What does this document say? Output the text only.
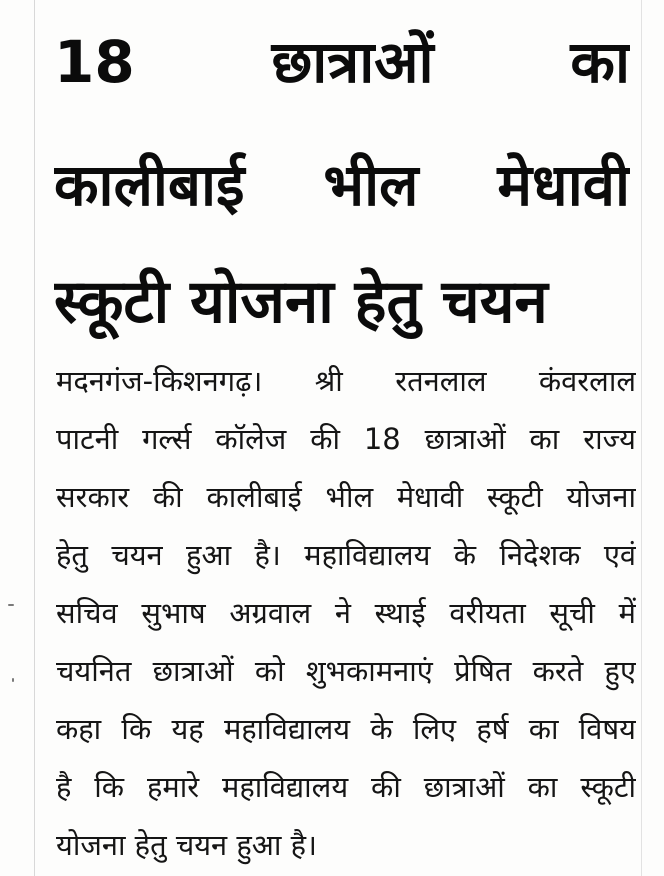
18 छात्राओं का
कालीबाई भील मेधावी
स्कूटी योजना हेतु चयन
मदनगंज-किशनगढ़। श्री रतनलाल कंवरलाल
पाटनी गर्ल्स कॉलेज की 18 छात्राओं का राज्य
सरकार की कालीबाई भील मेधावी स्कूटी योजना
हेतु चयन हुआ है। महाविद्यालय के निदेशक एवं
सचिव सुभाष अग्रवाल ने स्थाई वरीयता सूची में
चयनित छात्राओं को शुभकामनाएं प्रेषित करते हुए
कहा कि यह महाविद्यालय के लिए हर्ष का विषय
है कि हमारे महाविद्यालय की छात्राओं का स्कूटी
योजना हेतु चयन हुआ है।
